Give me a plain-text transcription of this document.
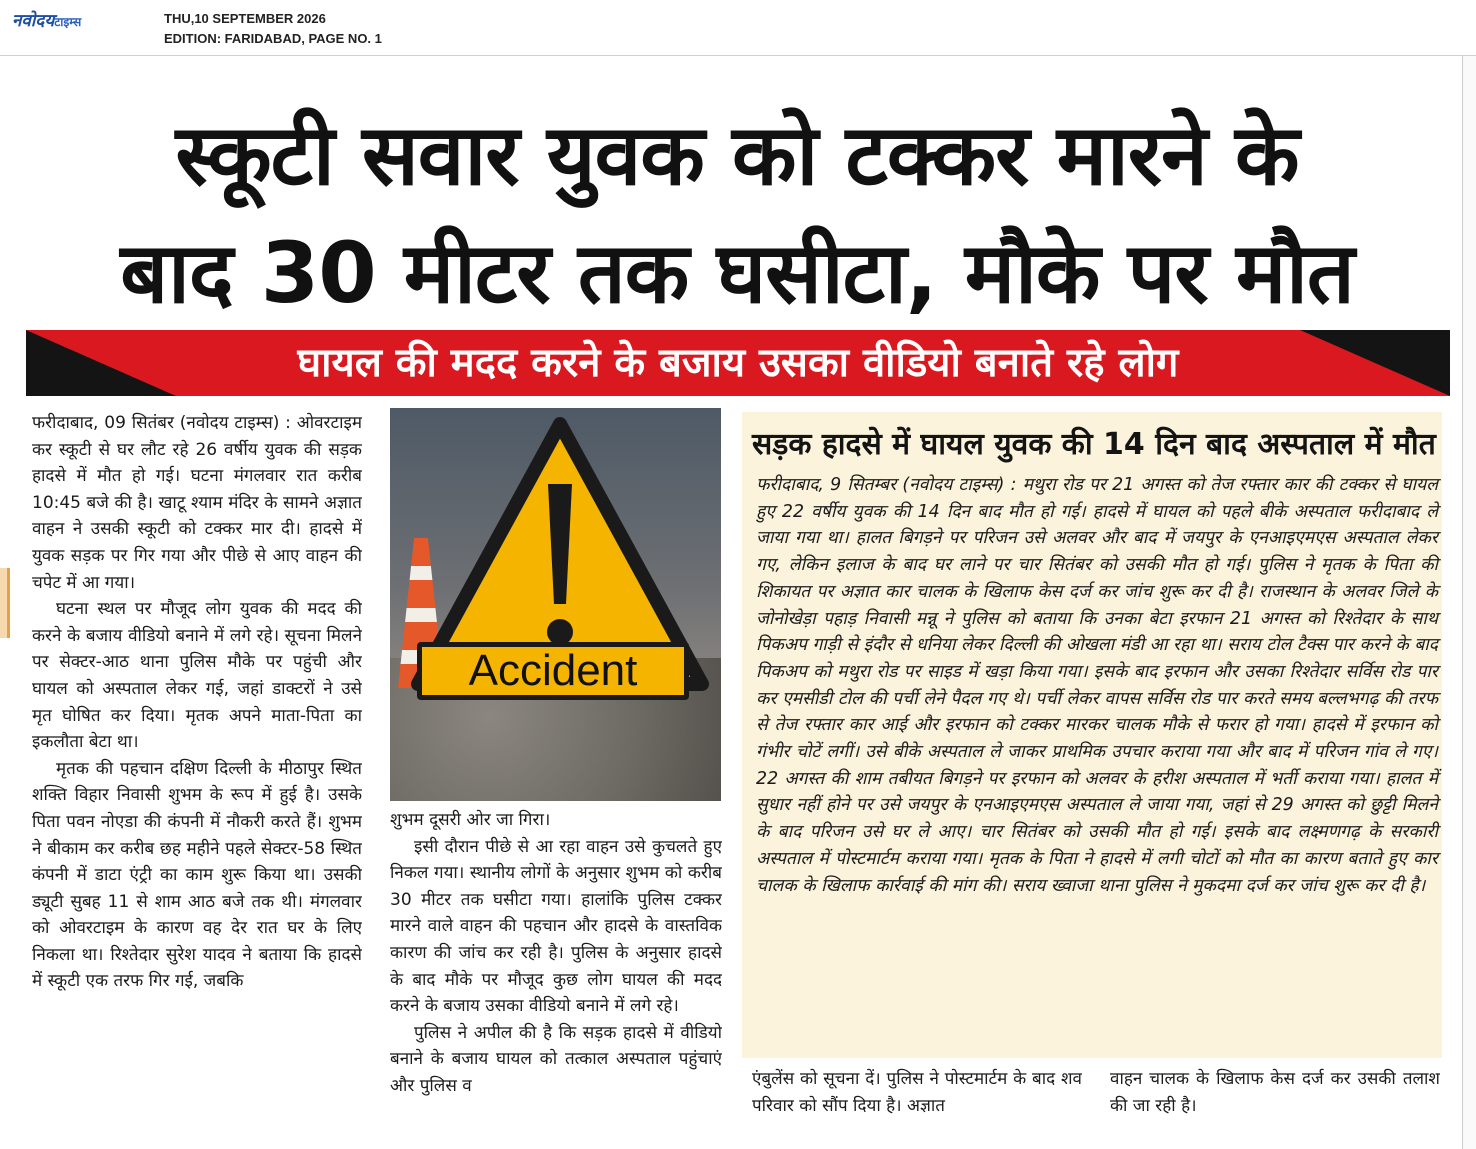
नवोदयटाइम्स	THU,10 SEPTEMBER 2026
EDITION: FARIDABAD, PAGE NO. 1
स्कूटी सवार युवक को टक्कर मारने के
बाद 30 मीटर तक घसीटा, मौके पर मौत
घायल की मदद करने के बजाय उसका वीडियो बनाते रहे लोग

फरीदाबाद, 09 सितंबर (नवोदय टाइम्स) : ओवरटाइम कर स्कूटी से घर लौट रहे 26 वर्षीय युवक की सड़क हादसे में मौत हो गई। घटना मंगलवार रात करीब 10:45 बजे की है। खाटू श्याम मंदिर के सामने अज्ञात वाहन ने उसकी स्कूटी को टक्कर मार दी। हादसे में युवक सड़क पर गिर गया और पीछे से आए वाहन की चपेट में आ गया।

घटना स्थल पर मौजूद लोग युवक की मदद की करने के बजाय वीडियो बनाने में लगे रहे। सूचना मिलने पर सेक्टर-आठ थाना पुलिस मौके पर पहुंची और घायल को अस्पताल लेकर गई, जहां डाक्टरों ने उसे मृत घोषित कर दिया। मृतक अपने माता-पिता का इकलौता बेटा था।

मृतक की पहचान दक्षिण दिल्ली के मीठापुर स्थित शक्ति विहार निवासी शुभम के रूप में हुई है। उसके पिता पवन नोएडा की कंपनी में नौकरी करते हैं। शुभम ने बीकाम कर करीब छह महीने पहले सेक्टर-58 स्थित कंपनी में डाटा एंट्री का काम शुरू किया था। उसकी ड्यूटी सुबह 11 से शाम आठ बजे तक थी। मंगलवार को ओवरटाइम के कारण वह देर रात घर के लिए निकला था। रिश्तेदार सुरेश यादव ने बताया कि हादसे में स्कूटी एक तरफ गिर गई, जबकि

Accident

शुभम दूसरी ओर जा गिरा।

इसी दौरान पीछे से आ रहा वाहन उसे कुचलते हुए निकल गया। स्थानीय लोगों के अनुसार शुभम को करीब 30 मीटर तक घसीटा गया। हालांकि पुलिस टक्कर मारने वाले वाहन की पहचान और हादसे के वास्तविक कारण की जांच कर रही है। पुलिस के अनुसार हादसे के बाद मौके पर मौजूद कुछ लोग घायल की मदद करने के बजाय उसका वीडियो बनाने में लगे रहे।

पुलिस ने अपील की है कि सड़क हादसे में वीडियो बनाने के बजाय घायल को तत्काल अस्पताल पहुंचाएं और पुलिस व

सड़क हादसे में घायल युवक की 14 दिन बाद अस्पताल में मौत

फरीदाबाद, 9 सितम्बर (नवोदय टाइम्स) : मथुरा रोड पर 21 अगस्त को तेज रफ्तार कार की टक्कर से घायल हुए 22 वर्षीय युवक की 14 दिन बाद मौत हो गई। हादसे में घायल को पहले बीके अस्पताल फरीदाबाद ले जाया गया था। हालत बिगड़ने पर परिजन उसे अलवर और बाद में जयपुर के एनआइएमएस अस्पताल लेकर गए, लेकिन इलाज के बाद घर लाने पर चार सितंबर को उसकी मौत हो गई। पुलिस ने मृतक के पिता की शिकायत पर अज्ञात कार चालक के खिलाफ केस दर्ज कर जांच शुरू कर दी है। राजस्थान के अलवर जिले के जोनोखेड़ा पहाड़ निवासी मन्नू ने पुलिस को बताया कि उनका बेटा इरफान 21 अगस्त को रिश्तेदार के साथ पिकअप गाड़ी से इंदौर से धनिया लेकर दिल्ली की ओखला मंडी आ रहा था। सराय टोल टैक्स पार करने के बाद पिकअप को मथुरा रोड पर साइड में खड़ा किया गया। इसके बाद इरफान और उसका रिश्तेदार सर्विस रोड पार कर एमसीडी टोल की पर्ची लेने पैदल गए थे। पर्ची लेकर वापस सर्विस रोड पार करते समय बल्लभगढ़ की तरफ से तेज रफ्तार कार आई और इरफान को टक्कर मारकर चालक मौके से फरार हो गया। हादसे में इरफान को गंभीर चोटें लगीं। उसे बीके अस्पताल ले जाकर प्राथमिक उपचार कराया गया और बाद में परिजन गांव ले गए। 22 अगस्त की शाम तबीयत बिगड़ने पर इरफान को अलवर के हरीश अस्पताल में भर्ती कराया गया। हालत में सुधार नहीं होने पर उसे जयपुर के एनआइएमएस अस्पताल ले जाया गया, जहां से 29 अगस्त को छुट्टी मिलने के बाद परिजन उसे घर ले आए। चार सितंबर को उसकी मौत हो गई। इसके बाद लक्ष्मणगढ़ के सरकारी अस्पताल में पोस्टमार्टम कराया गया। मृतक के पिता ने हादसे में लगी चोटों को मौत का कारण बताते हुए कार चालक के खिलाफ कार्रवाई की मांग की। सराय ख्वाजा थाना पुलिस ने मुकदमा दर्ज कर जांच शुरू कर दी है।

एंबुलेंस को सूचना दें। पुलिस ने पोस्टमार्टम के बाद शव परिवार को सौंप दिया है। अज्ञात

वाहन चालक के खिलाफ केस दर्ज कर उसकी तलाश की जा रही है।
